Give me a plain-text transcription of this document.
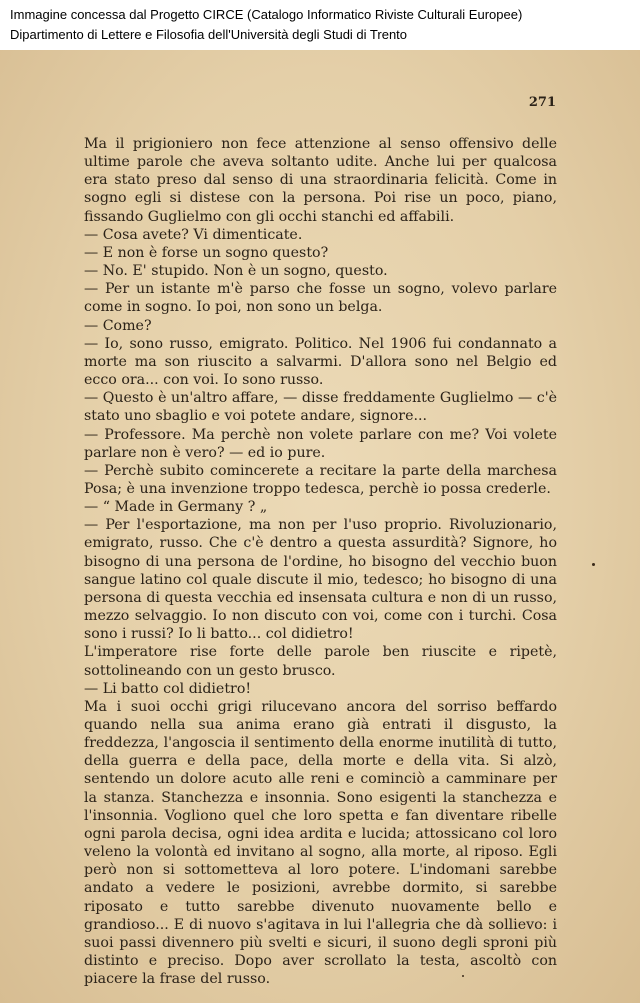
Immagine concessa dal Progetto CIRCE (Catalogo Informatico Riviste Culturali Europee)
Dipartimento di Lettere e Filosofia dell'Università degli Studi di Trento
271

Ma il prigioniero non fece attenzione al senso offensivo delle ultime parole che aveva soltanto udite. Anche lui per qualcosa era stato preso dal senso di una straordinaria felicità. Come in sogno egli si distese con la persona. Poi rise un poco, piano, fissando Guglielmo con gli occhi stanchi ed affabili.

— Cosa avete? Vi dimenticate.

— E non è forse un sogno questo?

— No. E' stupido. Non è un sogno, questo.

— Per un istante m'è parso che fosse un sogno, volevo parlare come in sogno. Io poi, non sono un belga.

— Come?

— Io, sono russo, emigrato. Politico. Nel 1906 fui condannato a morte ma son riuscito a salvarmi. D'allora sono nel Belgio ed ecco ora... con voi. Io sono russo.

— Questo è un'altro affare, — disse freddamente Guglielmo — c'è stato uno sbaglio e voi potete andare, signore...

— Professore. Ma perchè non volete parlare con me? Voi volete parlare non è vero? — ed io pure.

— Perchè subito comincerete a recitare la parte della marchesa Posa; è una invenzione troppo tedesca, perchè io possa crederle.

— “ Made in Germany ? „

— Per l'esportazione, ma non per l'uso proprio. Rivoluzionario, emigrato, russo. Che c'è dentro a questa assurdità? Signore, ho bisogno di una persona de l'ordine, ho bisogno del vecchio buon sangue latino col quale discute il mio, tedesco; ho bisogno di una persona di questa vecchia ed insensata cultura e non di un russo, mezzo selvaggio. Io non discuto con voi, come con i turchi. Cosa sono i russi? Io li batto... col didietro!

L'imperatore rise forte delle parole ben riuscite e ripetè, sottolineando con un gesto brusco.

— Li batto col didietro!

Ma i suoi occhi grigi rilucevano ancora del sorriso beffardo quando nella sua anima erano già entrati il disgusto, la freddezza, l'angoscia il sentimento della enorme inutilità di tutto, della guerra e della pace, della morte e della vita. Si alzò, sentendo un dolore acuto alle reni e cominciò a camminare per la stanza. Stanchezza e insonnia. Sono esigenti la stanchezza e l'insonnia. Vogliono quel che loro spetta e fan diventare ribelle ogni parola decisa, ogni idea ardita e lucida; attossicano col loro veleno la volontà ed invitano al sogno, alla morte, al riposo. Egli però non si sottometteva al loro potere. L'indomani sarebbe andato a vedere le posizioni, avrebbe dormito, si sarebbe riposato e tutto sarebbe divenuto nuovamente bello e grandioso... E di nuovo s'agitava in lui l'allegria che dà sollievo: i suoi passi divennero più svelti e sicuri, il suono degli sproni più distinto e preciso. Dopo aver scrollato la testa, ascoltò con piacere la frase del russo.
